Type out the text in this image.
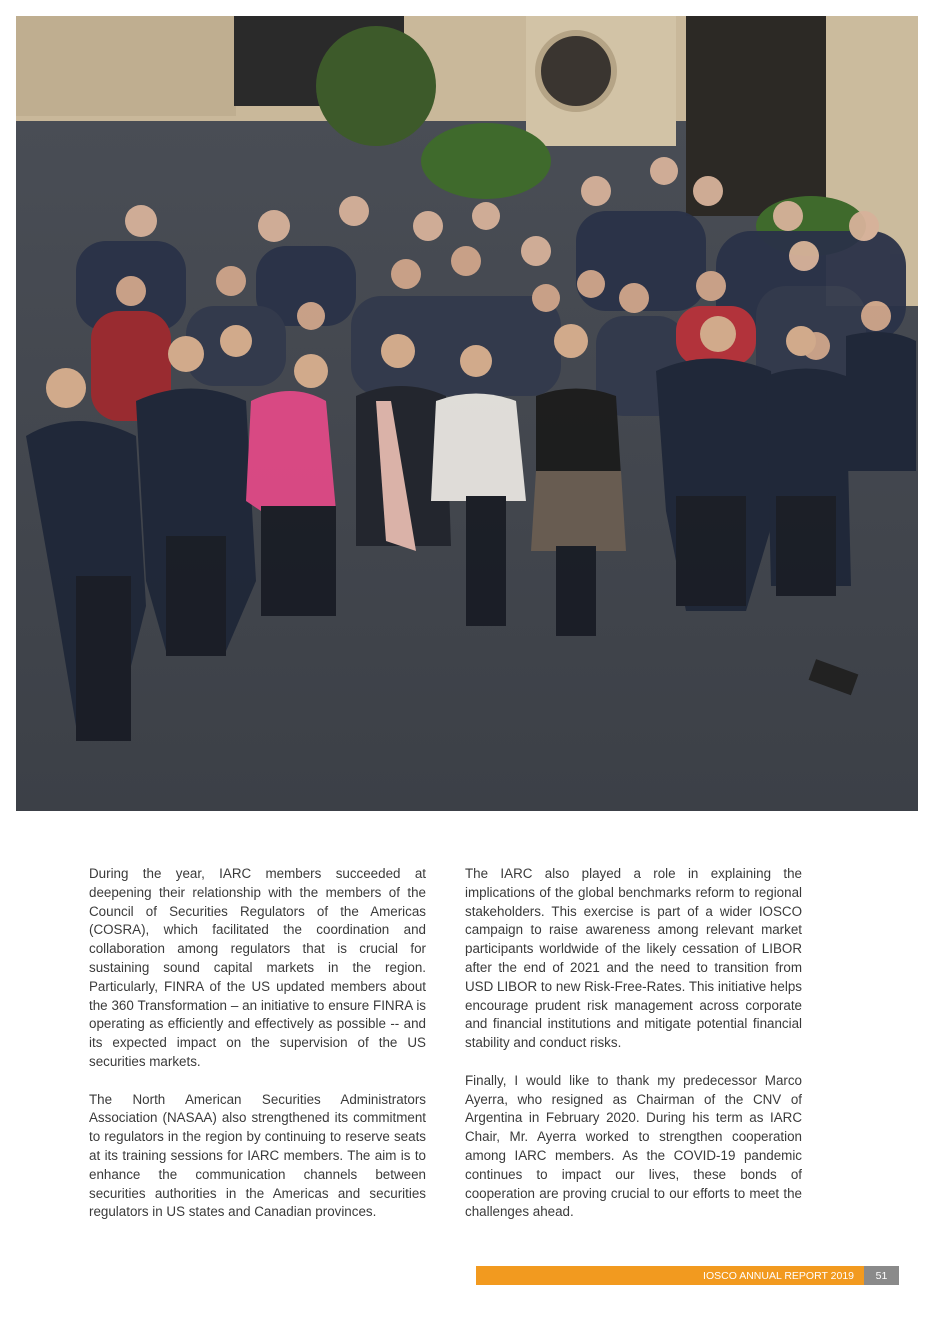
During the year, IARC members succeeded at deepening their relationship with the members of the Council of Securities Regulators of the Americas (COSRA), which facilitated the coordination and collaboration among regulators that is crucial for sustaining sound capital markets in the region. Particularly, FINRA of the US updated members about the 360 Transformation – an initiative to ensure FINRA is operating as efficiently and effectively as possible -- and its expected impact on the supervision of the US securities markets.

The North American Securities Administrators Association (NASAA) also strengthened its commitment to regulators in the region by continuing to reserve seats at its training sessions for IARC members. The aim is to enhance the communication channels between securities authorities in the Americas and securities regulators in US states and Canadian provinces.

The IARC also played a role in explaining the implications of the global benchmarks reform to regional stakeholders. This exercise is part of a wider IOSCO campaign to raise awareness among relevant market participants worldwide of the likely cessation of LIBOR after the end of 2021 and the need to transition from USD LIBOR to new Risk-Free-Rates. This initiative helps encourage prudent risk management across corporate and financial institutions and mitigate potential financial stability and conduct risks.

Finally, I would like to thank my predecessor Marco Ayerra, who resigned as Chairman of the CNV of Argentina in February 2020. During his term as IARC Chair, Mr. Ayerra worked to strengthen cooperation among IARC members. As the COVID-19 pandemic continues to impact our lives, these bonds of cooperation are proving crucial to our efforts to meet the challenges ahead.

IOSCO ANNUAL REPORT 2019	51
